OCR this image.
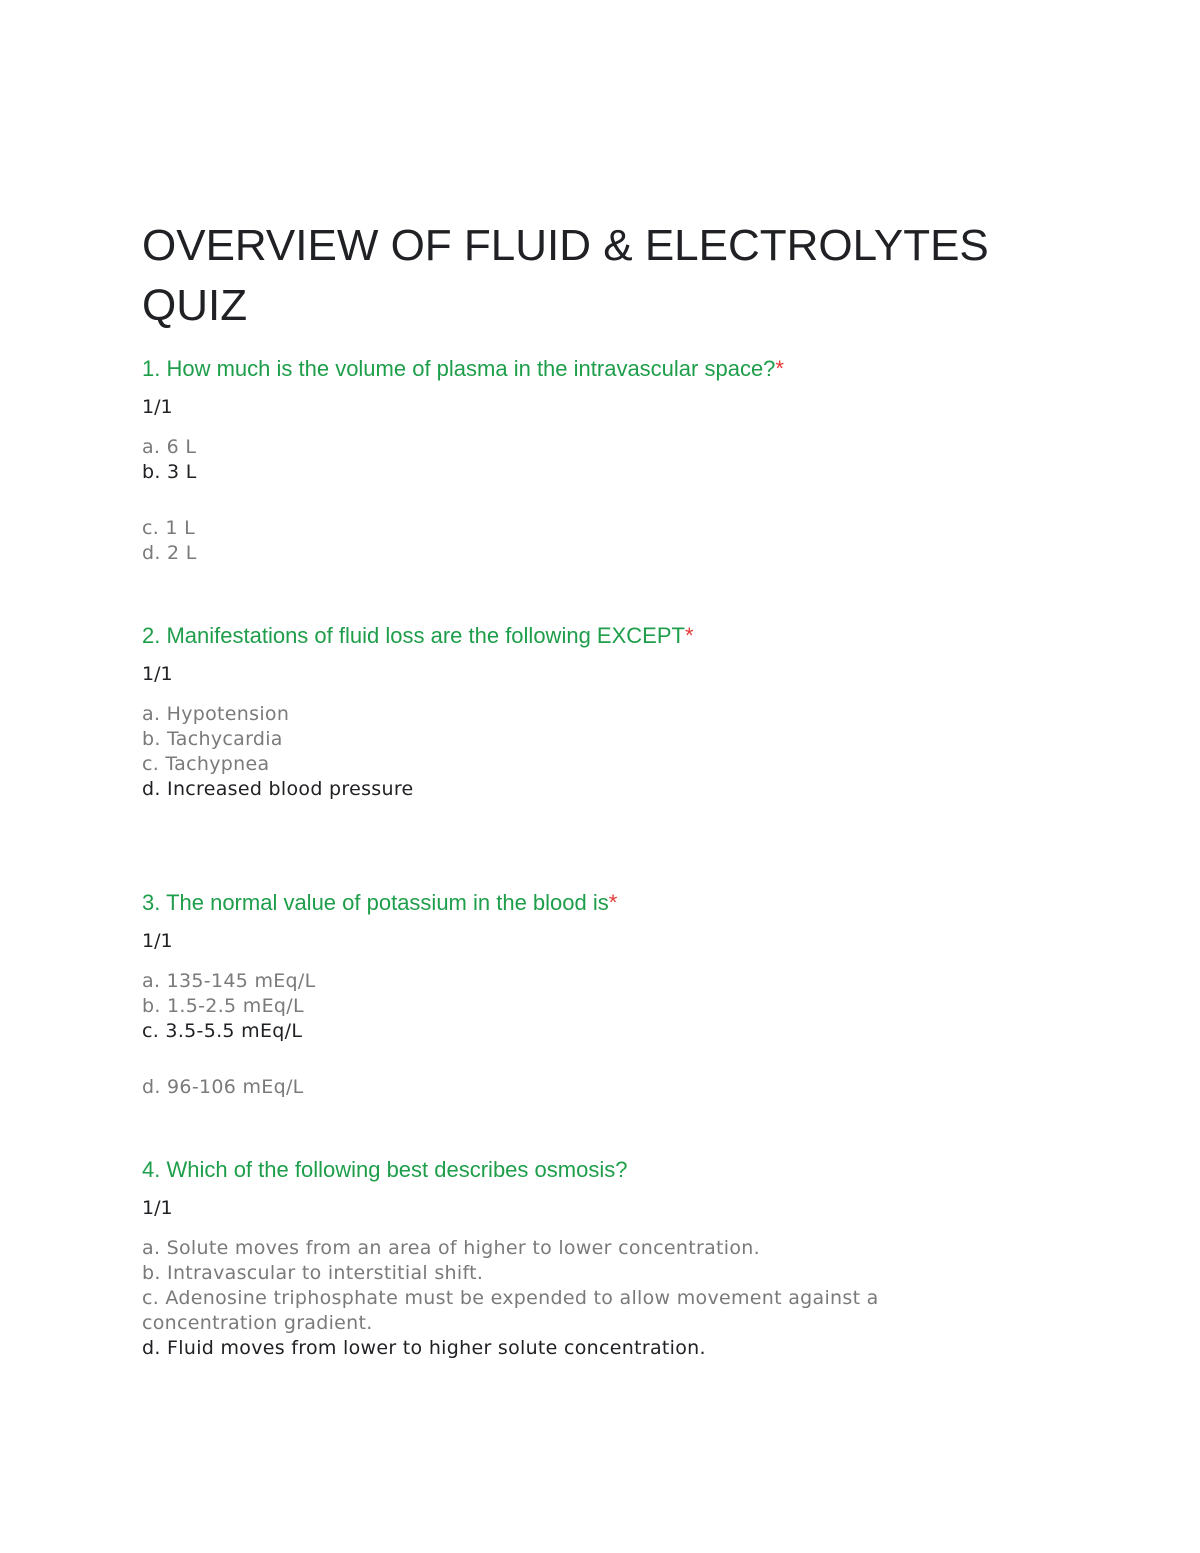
OVERVIEW OF FLUID & ELECTROLYTES QUIZ

1. How much is the volume of plasma in the intravascular space?*

1/1

a. 6 L
b. 3 L
c. 1 L
d. 2 L

2. Manifestations of fluid loss are the following EXCEPT*

1/1

a. Hypotension
b. Tachycardia
c. Tachypnea
d. Increased blood pressure

3. The normal value of potassium in the blood is*

1/1

a. 135-145 mEq/L
b. 1.5-2.5 mEq/L
c. 3.5-5.5 mEq/L
d. 96-106 mEq/L

4. Which of the following best describes osmosis?

1/1

a. Solute moves from an area of higher to lower concentration.
b. Intravascular to interstitial shift.
c. Adenosine triphosphate must be expended to allow movement against a concentration gradient.
d. Fluid moves from lower to higher solute concentration.
